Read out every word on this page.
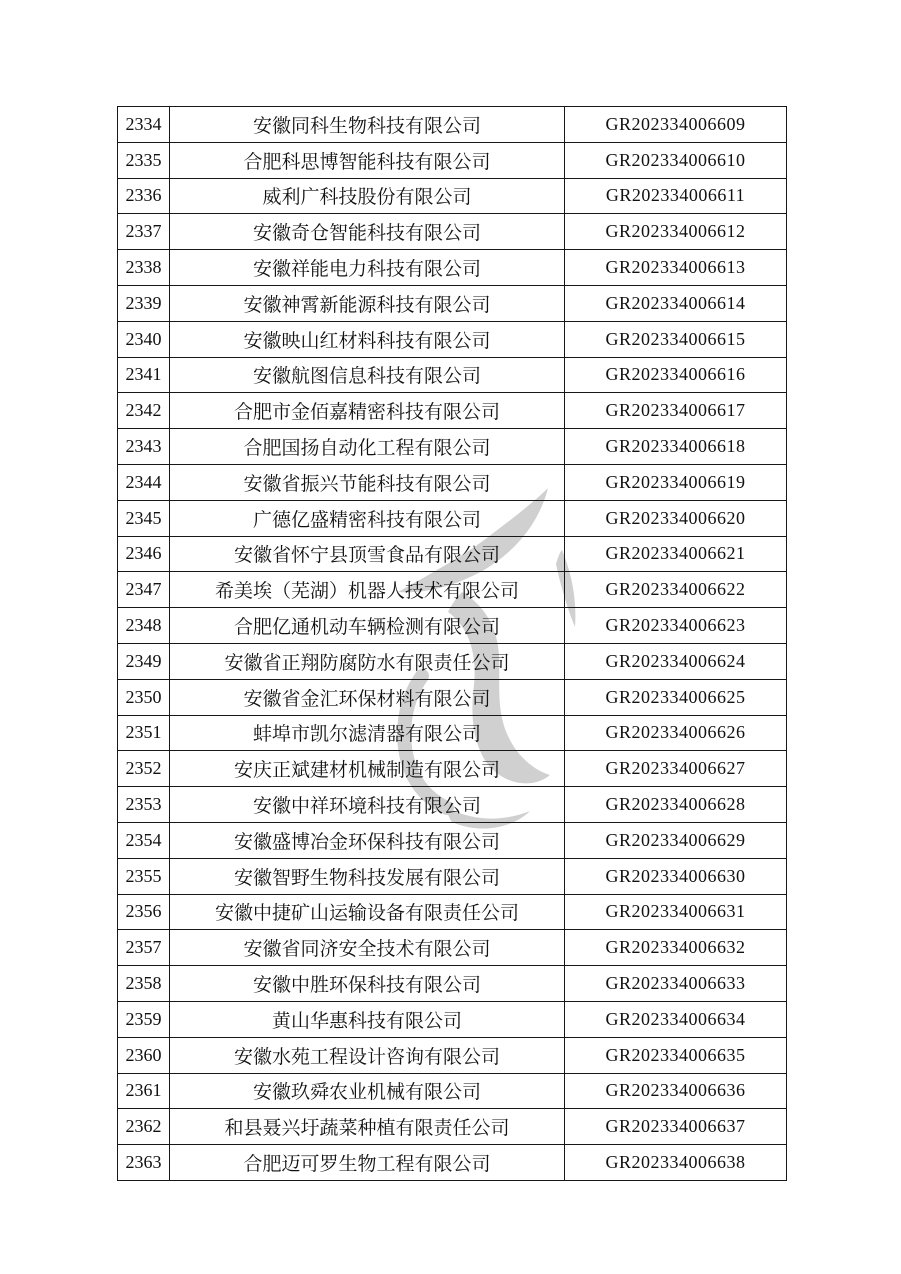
2334	安徽同科生物科技有限公司	GR202334006609
2335	合肥科思博智能科技有限公司	GR202334006610
2336	威利广科技股份有限公司	GR202334006611
2337	安徽奇仓智能科技有限公司	GR202334006612
2338	安徽祥能电力科技有限公司	GR202334006613
2339	安徽神霄新能源科技有限公司	GR202334006614
2340	安徽映山红材料科技有限公司	GR202334006615
2341	安徽航图信息科技有限公司	GR202334006616
2342	合肥市金佰嘉精密科技有限公司	GR202334006617
2343	合肥国扬自动化工程有限公司	GR202334006618
2344	安徽省振兴节能科技有限公司	GR202334006619
2345	广德亿盛精密科技有限公司	GR202334006620
2346	安徽省怀宁县顶雪食品有限公司	GR202334006621
2347	希美埃（芜湖）机器人技术有限公司	GR202334006622
2348	合肥亿通机动车辆检测有限公司	GR202334006623
2349	安徽省正翔防腐防水有限责任公司	GR202334006624
2350	安徽省金汇环保材料有限公司	GR202334006625
2351	蚌埠市凯尔滤清器有限公司	GR202334006626
2352	安庆正斌建材机械制造有限公司	GR202334006627
2353	安徽中祥环境科技有限公司	GR202334006628
2354	安徽盛博冶金环保科技有限公司	GR202334006629
2355	安徽智野生物科技发展有限公司	GR202334006630
2356	安徽中捷矿山运输设备有限责任公司	GR202334006631
2357	安徽省同济安全技术有限公司	GR202334006632
2358	安徽中胜环保科技有限公司	GR202334006633
2359	黄山华惠科技有限公司	GR202334006634
2360	安徽水苑工程设计咨询有限公司	GR202334006635
2361	安徽玖舜农业机械有限公司	GR202334006636
2362	和县聂兴圩蔬菜种植有限责任公司	GR202334006637
2363	合肥迈可罗生物工程有限公司	GR202334006638
